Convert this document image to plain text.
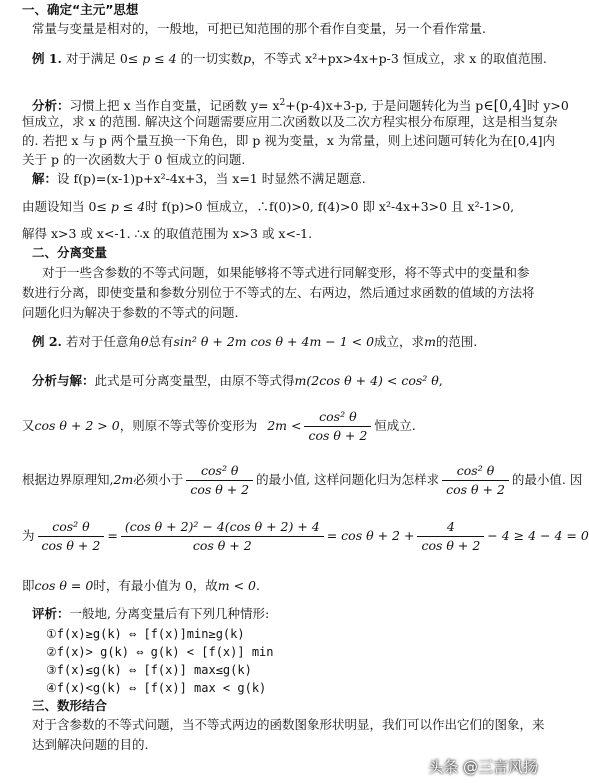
一、确定“主元”思想
常量与变量是相对的，一般地，可把已知范围的那个看作自变量，另一个看作常量.
例 1. 对于满足 0≤ p ≤ 4 的一切实数p，不等式 x²+px>4x+p-3 恒成立，求 x 的取值范围.
分析：习惯上把 x 当作自变量，记函数 $y= x^2+(p-4)x+3-p$, 于是问题转化为当 p∈[0,4]时 y>0
恒成立，求 x 的范围. 解决这个问题需要应用二次函数以及二次方程实根分布原理，这是相当复杂
的. 若把 x 与 p 两个量互换一下角色，即 p 视为变量，x 为常量，则上述问题可转化为在[0,4]内
关于 p 的一次函数大于 0 恒成立的问题.
解：设 f(p)=(x-1)p+x²-4x+3，当 x=1 时显然不满足题意.
由题设知当 0≤ p ≤ 4时 f(p)>0 恒成立，∴f(0)>0, f(4)>0 即 x²-4x+3>0 且 x²-1>0,
解得 x>3 或 x<-1. ∴x 的取值范围为 x>3 或 x<-1.
二、分离变量
对于一些含参数的不等式问题，如果能够将不等式进行同解变形，将不等式中的变量和参
数进行分离，即使变量和参数分别位于不等式的左、右两边，然后通过求函数的值域的方法将
问题化归为解决于参数的不等式的问题.
例 2. 若对于任意角θ总有sin² θ + 2m cos θ + 4m − 1 < 0成立，求m的范围.
分析与解：此式是可分离变量型，由原不等式得m(2cos θ + 4) < cos² θ,
又cos θ + 2 > 0，则原不等式等价变形为 $2m < \frac{\text{cos² θ}}{\text{cos θ + 2}}$ 恒成立.
根据边界原理知,2m必须小于 $\frac{\text{cos² θ}}{\text{cos θ + 2}}$ 的最小值, 这样问题化归为怎样求 $\frac{\text{cos² θ}}{\text{cos θ + 2}}$ 的最小值. 因
为 $\frac{\text{cos² θ}}{\text{cos θ + 2}} = \frac{\text{(cos θ + 2)² − 4(cos θ + 2) + 4}}{\text{cos θ + 2}} = \cos \theta + 2 + \frac{4}{\text{cos θ + 2}} - 4 \ge 4 - 4 = 0$
即cos θ = 0时，有最小值为 0，故m < 0.
评析：一般地, 分离变量后有下列几种情形:
①f(x)≥g(k) ⇔ [f(x)]min≥g(k)
②f(x)> g(k) ⇔ g(k) < [f(x)] min
③f(x)≤g(k) ⇔ [f(x)] max≤g(k)
④f(x)<g(k) ⇔ [f(x)] max < g(k)
三、数形结合
对于含参数的不等式问题，当不等式两边的函数图象形状明显，我们可以作出它们的图象，来
达到解决问题的目的.
头条 @三言风扬
